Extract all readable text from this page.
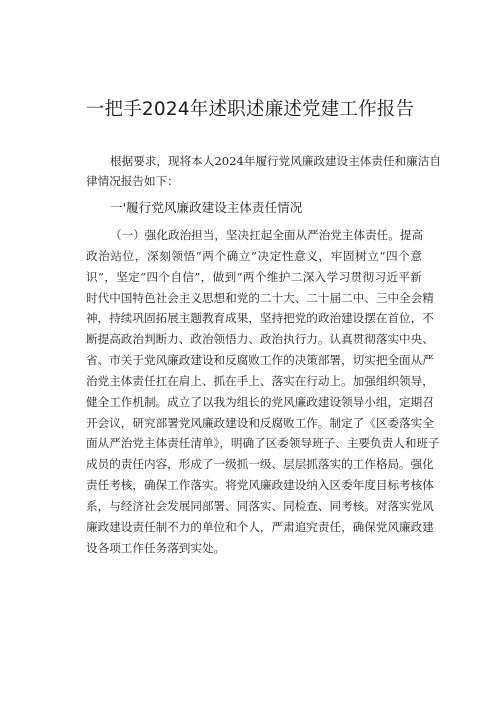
一把手2024年述职述廉述党建工作报告
根据要求，现将本人2024年履行党风廉政建设主体责任和廉洁自
律情况报告如下：
一'履行党风廉政建设主体责任情况
（一）强化政治担当，坚决扛起全面从严治党主体责任。提高
政治站位，深刻领悟“两个确立”决定性意义，牢固树立“四个意
识”，坚定“四个自信”，做到“两个维护二深入学习贯彻习近平新
时代中国特色社会主义思想和党的二十大、二十届二中、三中全会精
神，持续巩固拓展主题教育成果，坚持把党的政治建设摆在首位，不
断提高政治判断力、政治领悟力、政治执行力。认真贯彻落实中央、
省、市关于党风廉政建设和反腐败工作的决策部署，切实把全面从严
治党主体责任扛在肩上、抓在手上、落实在行动上。加强组织领导，
健全工作机制。成立了以我为组长的党风廉政建设领导小组，定期召
开会议，研究部署党风廉政建设和反腐败工作。制定了《区委落实全
面从严治党主体责任清单》，明确了区委领导班子、主要负责人和班子
成员的责任内容，形成了一级抓一级、层层抓落实的工作格局。强化
责任考核，确保工作落实。将党风廉政建设纳入区委年度目标考核体
系，与经济社会发展同部署、同落实、同检查、同考核。对落实党风
廉政建设责任制不力的单位和个人，严肃追究责任，确保党风廉政建
设各项工作任务落到实处。
